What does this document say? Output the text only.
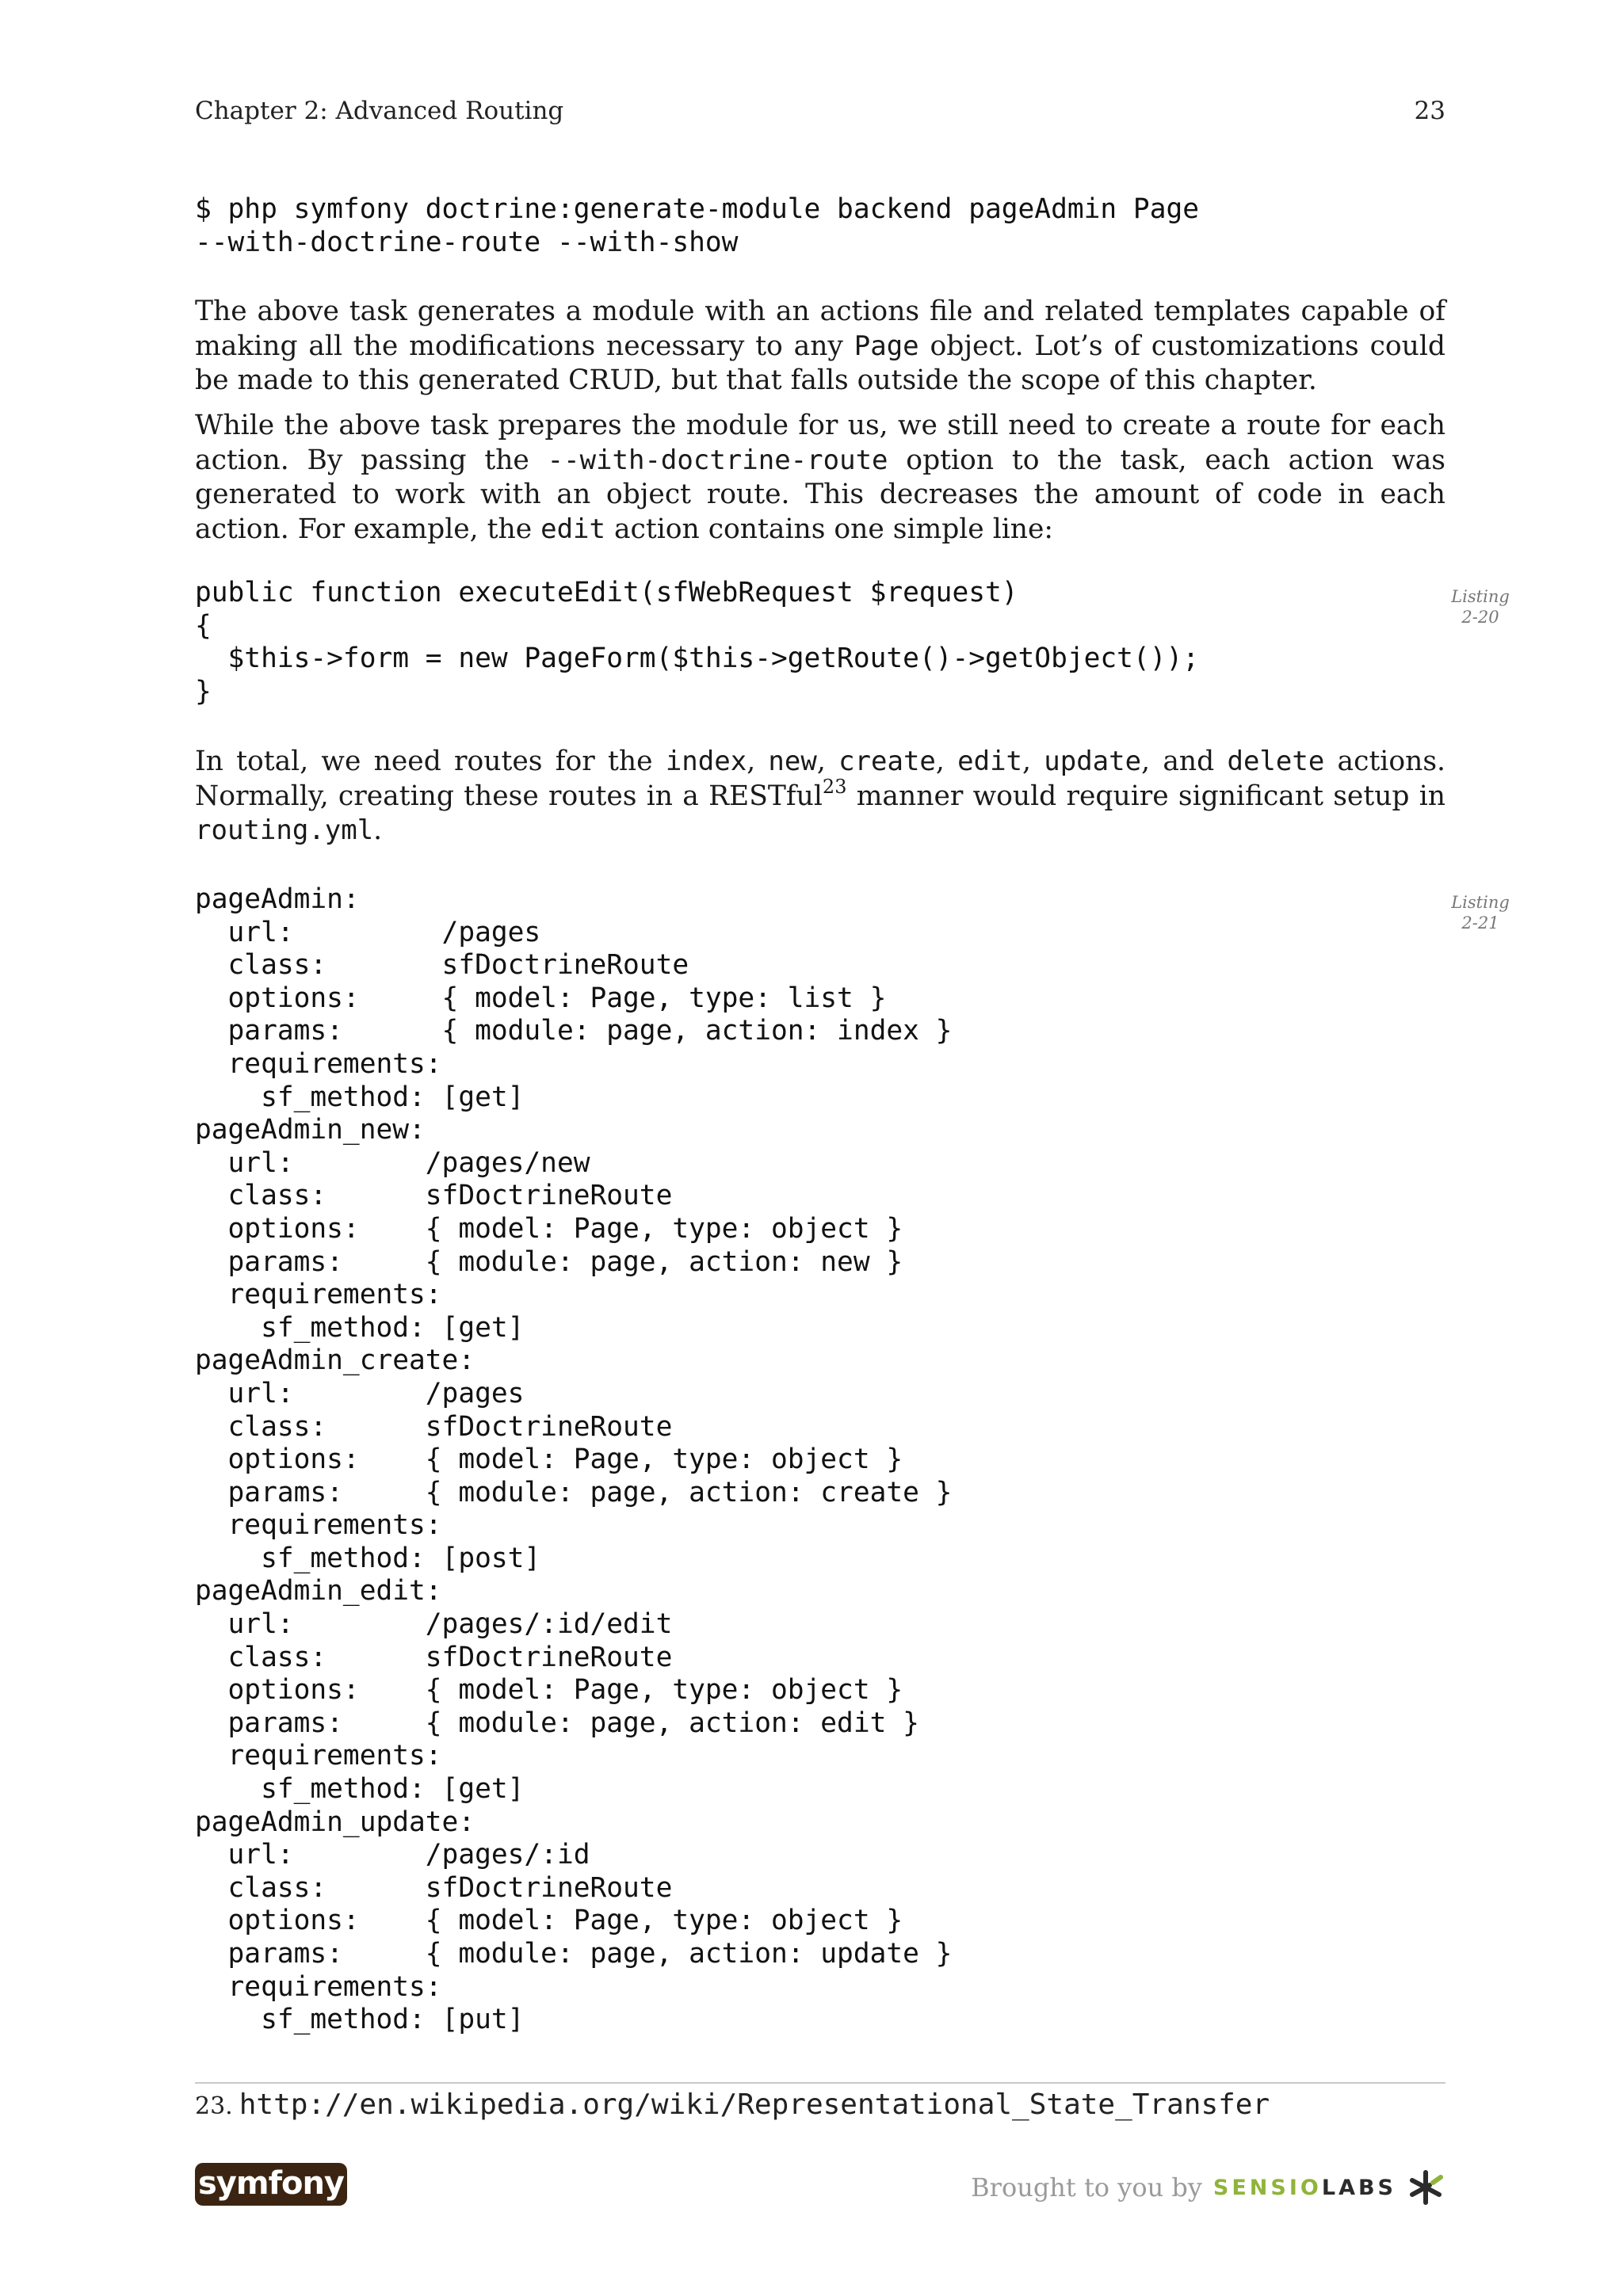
Chapter 2: Advanced Routing	23
$ php symfony doctrine:generate-module backend pageAdmin Page
--with-doctrine-route --with-show

The above task generates a module with an actions file and related templates capable of making all the modifications necessary to any Page object. Lot’s of customizations could be made to this generated CRUD, but that falls outside the scope of this chapter.

While the above task prepares the module for us, we still need to create a route for each action. By passing the --with-doctrine-route option to the task, each action was generated to work with an object route. This decreases the amount of code in each action. For example, the edit action contains one simple line:

public function executeEdit(sfWebRequest $request)
{
$this->form = new PageForm($this->getRoute()->getObject());
}
Listing
2-20

In total, we need routes for the index, new, create, edit, update, and delete actions. Normally, creating these routes in a RESTful$^{23}$ manner would require significant setup in routing.yml.

pageAdmin:
url:         /pages
class:       sfDoctrineRoute
options:     { model: Page, type: list }
params:      { module: page, action: index }
requirements:
sf_method: [get]
pageAdmin_new:
url:        /pages/new
class:      sfDoctrineRoute
options:    { model: Page, type: object }
params:     { module: page, action: new }
requirements:
sf_method: [get]
pageAdmin_create:
url:        /pages
class:      sfDoctrineRoute
options:    { model: Page, type: object }
params:     { module: page, action: create }
requirements:
sf_method: [post]
pageAdmin_edit:
url:        /pages/:id/edit
class:      sfDoctrineRoute
options:    { model: Page, type: object }
params:     { module: page, action: edit }
requirements:
sf_method: [get]
pageAdmin_update:
url:        /pages/:id
class:      sfDoctrineRoute
options:    { model: Page, type: object }
params:     { module: page, action: update }
requirements:
sf_method: [put]
Listing
2-21
23. http://en.wikipedia.org/wiki/Representational_State_Transfer
symfony	Brought to you by SENSIOLABS
